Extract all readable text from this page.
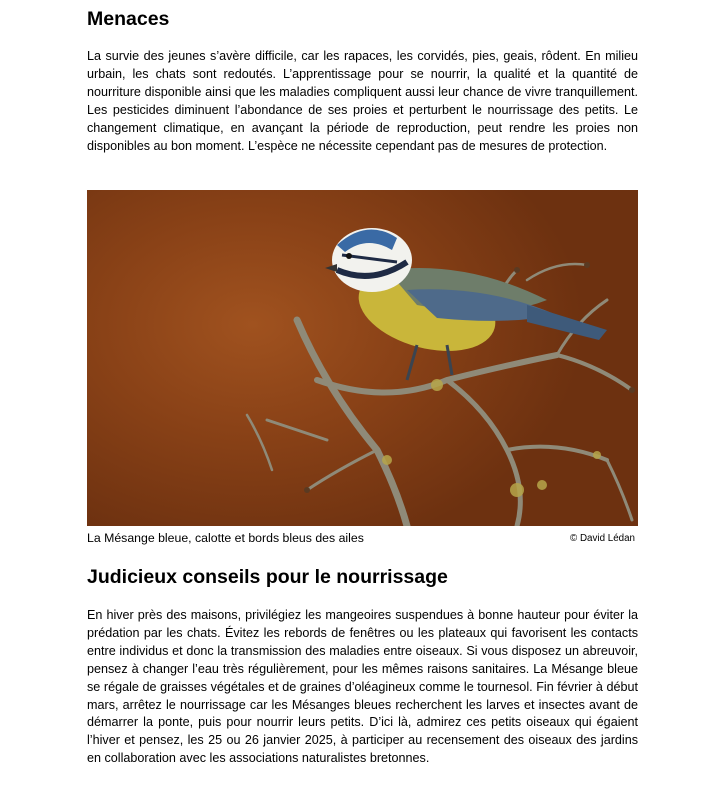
Menaces

La survie des jeunes s’avère difficile, car les rapaces, les corvidés, pies, geais, rôdent. En milieu urbain, les chats sont redoutés. L’apprentissage pour se nourrir, la qualité et la quantité de nourriture disponible ainsi que les maladies compliquent aussi leur chance de vivre tranquillement. Les pesticides diminuent l’abondance de ses proies et perturbent le nourrissage des petits. Le changement climatique, en avançant la période de reproduction, peut rendre les proies non disponibles au bon moment. L’espèce ne nécessite cependant pas de mesures de protection.

La Mésange bleue, calotte et bords bleus des ailes	© David Lédan
Judicieux conseils pour le nourrissage

En hiver près des maisons, privilégiez les mangeoires suspendues à bonne hauteur pour éviter la prédation par les chats. Évitez les rebords de fenêtres ou les plateaux qui favorisent les contacts entre individus et donc la transmission des maladies entre oiseaux. Si vous disposez un abreuvoir, pensez à changer l’eau très régulièrement, pour les mêmes raisons sanitaires. La Mésange bleue se régale de graisses végétales et de graines d’oléagineux comme le tournesol. Fin février à début mars, arrêtez le nourrissage car les Mésanges bleues recherchent les larves et insectes avant de démarrer la ponte, puis pour nourrir leurs petits. D’ici là, admirez ces petits oiseaux qui égaient l’hiver et pensez, les 25 ou 26 janvier 2025, à participer au recensement des oiseaux des jardins en collaboration avec les associations naturalistes bretonnes.
